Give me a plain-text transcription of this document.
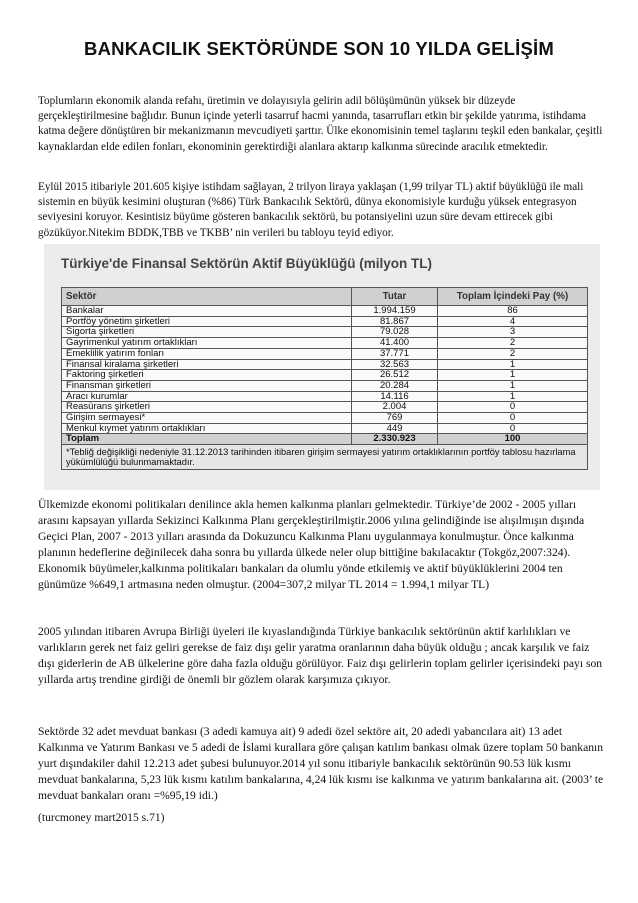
BANKACILIK SEKTÖRÜNDE SON 10 YILDA GELİŞİM

Toplumların ekonomik alanda refahı, üretimin ve dolayısıyla gelirin adil bölüşümünün yüksek bir düzeyde gerçekleştirilmesine bağlıdır. Bunun içinde yeterli tasarruf hacmi yanında, tasarrufları etkin bir şekilde yatırıma, istihdama katma değere dönüştüren bir mekanizmanın mevcudiyeti şarttır. Ülke ekonomisinin temel taşlarını teşkil eden bankalar, çeşitli kaynaklardan elde edilen fonları, ekonominin gerektirdiği alanlara aktarıp kalkınma sürecinde aracılık etmektedir.

Eylül 2015 itibariyle 201.605 kişiye istihdam sağlayan, 2 trilyon liraya yaklaşan (1,99 trilyar TL) aktif büyüklüğü ile mali sistemin en büyük kesimini oluşturan (%86) Türk Bankacılık Sektörü, dünya ekonomisiyle kurduğu yüksek entegrasyon seviyesini koruyor. Kesintisiz büyüme gösteren bankacılık sektörü, bu potansiyelini uzun süre devam ettirecek gibi gözüküyor.Nitekim BDDK,TBB ve TKBB’ nin verileri bu tabloyu teyid ediyor.

Türkiye'de Finansal Sektörün Aktif Büyüklüğü (milyon TL)
Sektör	Tutar	Toplam İçindeki Pay (%)
Bankalar	1.994.159	86
Portföy yönetim şirketleri	81.867	4
Sigorta şirketleri	79.028	3
Gayrimenkul yatırım ortaklıkları	41.400	2
Emeklilik yatırım fonları	37.771	2
Finansal kiralama şirketleri	32.563	1
Faktoring şirketleri	26.512	1
Finansman şirketleri	20.284	1
Aracı kurumlar	14.116	1
Reasürans şirketleri	2.004	0
Girişim sermayesi*	769	0
Menkul kıymet yatırım ortaklıkları	449	0
Toplam	2.330.923	100
*Tebliğ değişikliği nedeniyle 31.12.2013 tarihinden itibaren girişim sermayesi yatırım ortaklıklarının portföy tablosu hazırlama yükümlülüğü bulunmamaktadır.		
Ülkemizde ekonomi politikaları denilince akla hemen kalkınma planları gelmektedir. Türkiye’de 2002 - 2005 yılları arasını kapsayan yıllarda Sekizinci Kalkınma Planı gerçekleştirilmiştir.2006 yılına gelindiğinde ise alışılmışın dışında Geçici Plan, 2007 - 2013 yılları arasında da Dokuzuncu Kalkınma Planı uygulanmaya konulmuştur. Önce kalkınma planının hedeflerine değinilecek daha sonra bu yıllarda ülkede neler olup bittiğine bakılacaktır (Tokgöz,2007:324).
Ekonomik büyümeler,kalkınma politikaları bankaları da olumlu yönde etkilemiş ve aktif büyüklüklerini 2004 ten günümüze %649,1 artmasına neden olmuştur. (2004=307,2 milyar TL 2014 = 1.994,1 milyar TL)

2005 yılından itibaren Avrupa Birliği üyeleri ile kıyaslandığında Türkiye bankacılık sektörünün aktif karlılıkları ve varlıkların gerek net faiz geliri gerekse de faiz dışı gelir yaratma oranlarının daha büyük olduğu ; ancak karşılık ve faiz dışı giderlerin de AB ülkelerine göre daha fazla olduğu görülüyor. Faiz dışı gelirlerin toplam gelirler içerisindeki payı son yıllarda artış trendine girdiği de önemli bir gözlem olarak karşımıza çıkıyor.

Sektörde 32 adet mevduat bankası (3 adedi kamuya ait) 9 adedi özel sektöre ait, 20 adedi yabancılara ait) 13 adet Kalkınma ve Yatırım Bankası ve 5 adedi de İslami kurallara göre çalışan katılım bankası olmak üzere toplam 50 bankanın yurt dışındakiler dahil 12.213 adet şubesi bulunuyor.2014 yıl sonu itibariyle bankacılık sektörünün 90.53 lük kısmı mevduat bankalarına, 5,23 lük kısmı katılım bankalarına, 4,24 lük kısmı ise kalkınma ve yatırım bankalarına ait. (2003’ te mevduat bankaları oranı =%95,19 idi.)

(turcmoney mart2015 s.71)
